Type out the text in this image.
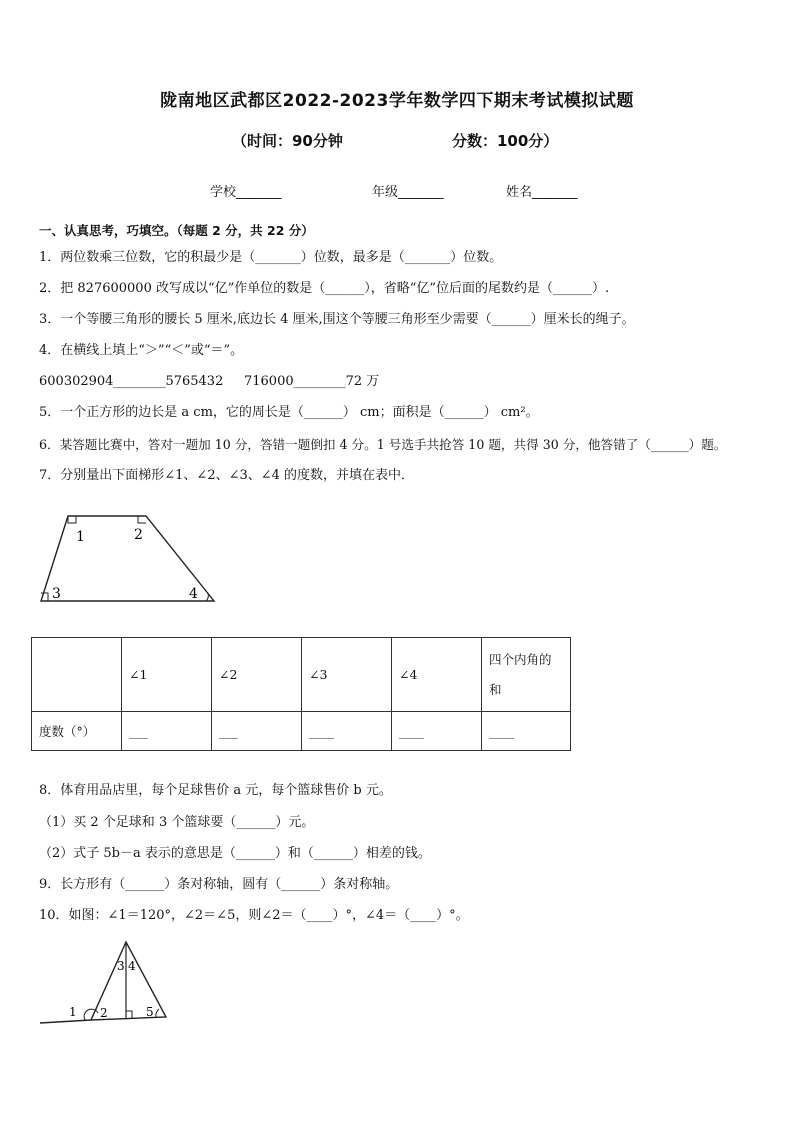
陇南地区武都区2022-2023学年数学四下期末考试模拟试题
（时间：90分钟	分数：100分）
学校_______	年级_______	姓名_______
一、认真思考，巧填空。（每题 2 分，共 22 分）
1．两位数乘三位数，它的积最少是（_______）位数，最多是（_______）位数。
2．把 827600000 改写成以“亿”作单位的数是（______），省略“亿”位后面的尾数约是（______）.
3．一个等腰三角形的腰长 5 厘米,底边长 4 厘米,围这个等腰三角形至少需要（______）厘米长的绳子。
4．在横线上填上“＞”“＜”或“＝”。
600302904________5765432     716000________72 万
5．一个正方形的边长是 a cm，它的周长是（______） cm；面积是（______） cm²。
6．某答题比赛中，答对一题加 10 分，答错一题倒扣 4 分。1 号选手共抢答 10 题，共得 30 分，他答错了（______）题。
7．分别量出下面梯形∠1、∠2、∠3、∠4 的度数，并填在表中．
1	2
3	4
	∠1	∠2	∠3	∠4	四个内角的和
度数（°）	___	___	____	____	____
8．体育用品店里，每个足球售价 a 元，每个篮球售价 b 元。
（1）买 2 个足球和 3 个篮球要（______）元。
（2）式子 5b－a 表示的意思是（______）和（______）相差的钱。
9．长方形有（______）条对称轴，圆有（______）条对称轴。
10．如图：∠1＝120°，∠2＝∠5，则∠2＝（____）°，∠4＝（____）°。
1 2
3 4
5
